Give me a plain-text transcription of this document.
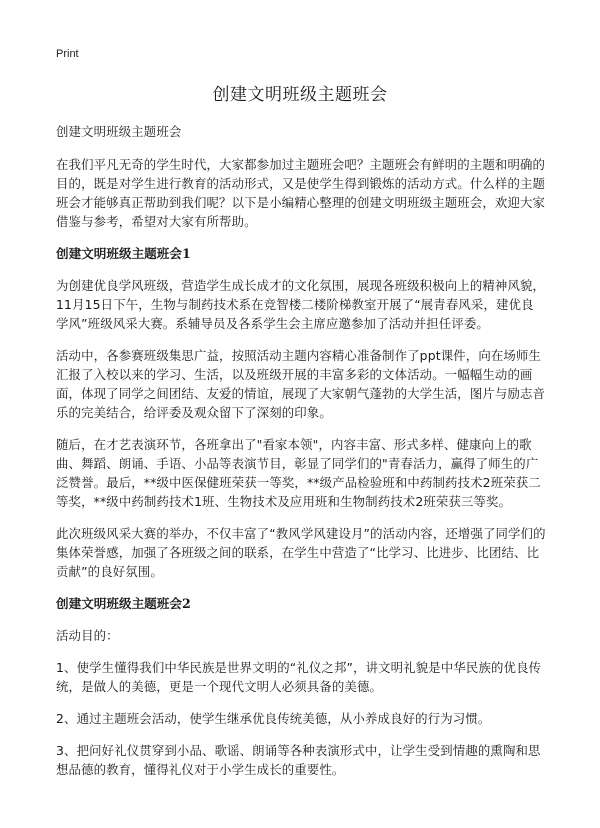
Print
创建文明班级主题班会

创建文明班级主题班会

在我们平凡无奇的学生时代，大家都参加过主题班会吧？主题班会有鲜明的主题和明确的目的，既是对学生进行教育的活动形式，又是使学生得到锻炼的活动方式。什么样的主题班会才能够真正帮助到我们呢？以下是小编精心整理的创建文明班级主题班会，欢迎大家借鉴与参考，希望对大家有所帮助。

创建文明班级主题班会1

为创建优良学风班级，营造学生成长成才的文化氛围，展现各班级积极向上的精神风貌，11月15日下午，生物与制药技术系在竞智楼二楼阶梯教室开展了“展青春风采，建优良学风”班级风采大赛。系辅导员及各系学生会主席应邀参加了活动并担任评委。

活动中，各参赛班级集思广益，按照活动主题内容精心准备制作了ppt课件，向在场师生汇报了入校以来的学习、生活，以及班级开展的丰富多彩的文体活动。一幅幅生动的画面，体现了同学之间团结、友爱的情谊，展现了大家朝气蓬勃的大学生活，图片与励志音乐的完美结合，给评委及观众留下了深刻的印象。

随后，在才艺表演环节，各班拿出了"看家本领"，内容丰富、形式多样、健康向上的歌曲、舞蹈、朗诵、手语、小品等表演节目，彰显了同学们的"青春活力，赢得了师生的广泛赞誉。最后，**级中医保健班荣获一等奖，**级产品检验班和中药制药技术2班荣获二等奖，**级中药制药技术1班、生物技术及应用班和生物制药技术2班荣获三等奖。

此次班级风采大赛的举办，不仅丰富了“教风学风建设月”的活动内容，还增强了同学们的集体荣誉感，加强了各班级之间的联系，在学生中营造了“比学习、比进步、比团结、比贡献”的良好氛围。

创建文明班级主题班会2

活动目的：

1、使学生懂得我们中华民族是世界文明的“礼仪之邦”，讲文明礼貌是中华民族的优良传统，是做人的美德，更是一个现代文明人必须具备的美德。

2、通过主题班会活动，使学生继承优良传统美德，从小养成良好的行为习惯。

3、把问好礼仪贯穿到小品、歌谣、朗诵等各种表演形式中，让学生受到情趣的熏陶和思想品德的教育，懂得礼仪对于小学生成长的重要性。
